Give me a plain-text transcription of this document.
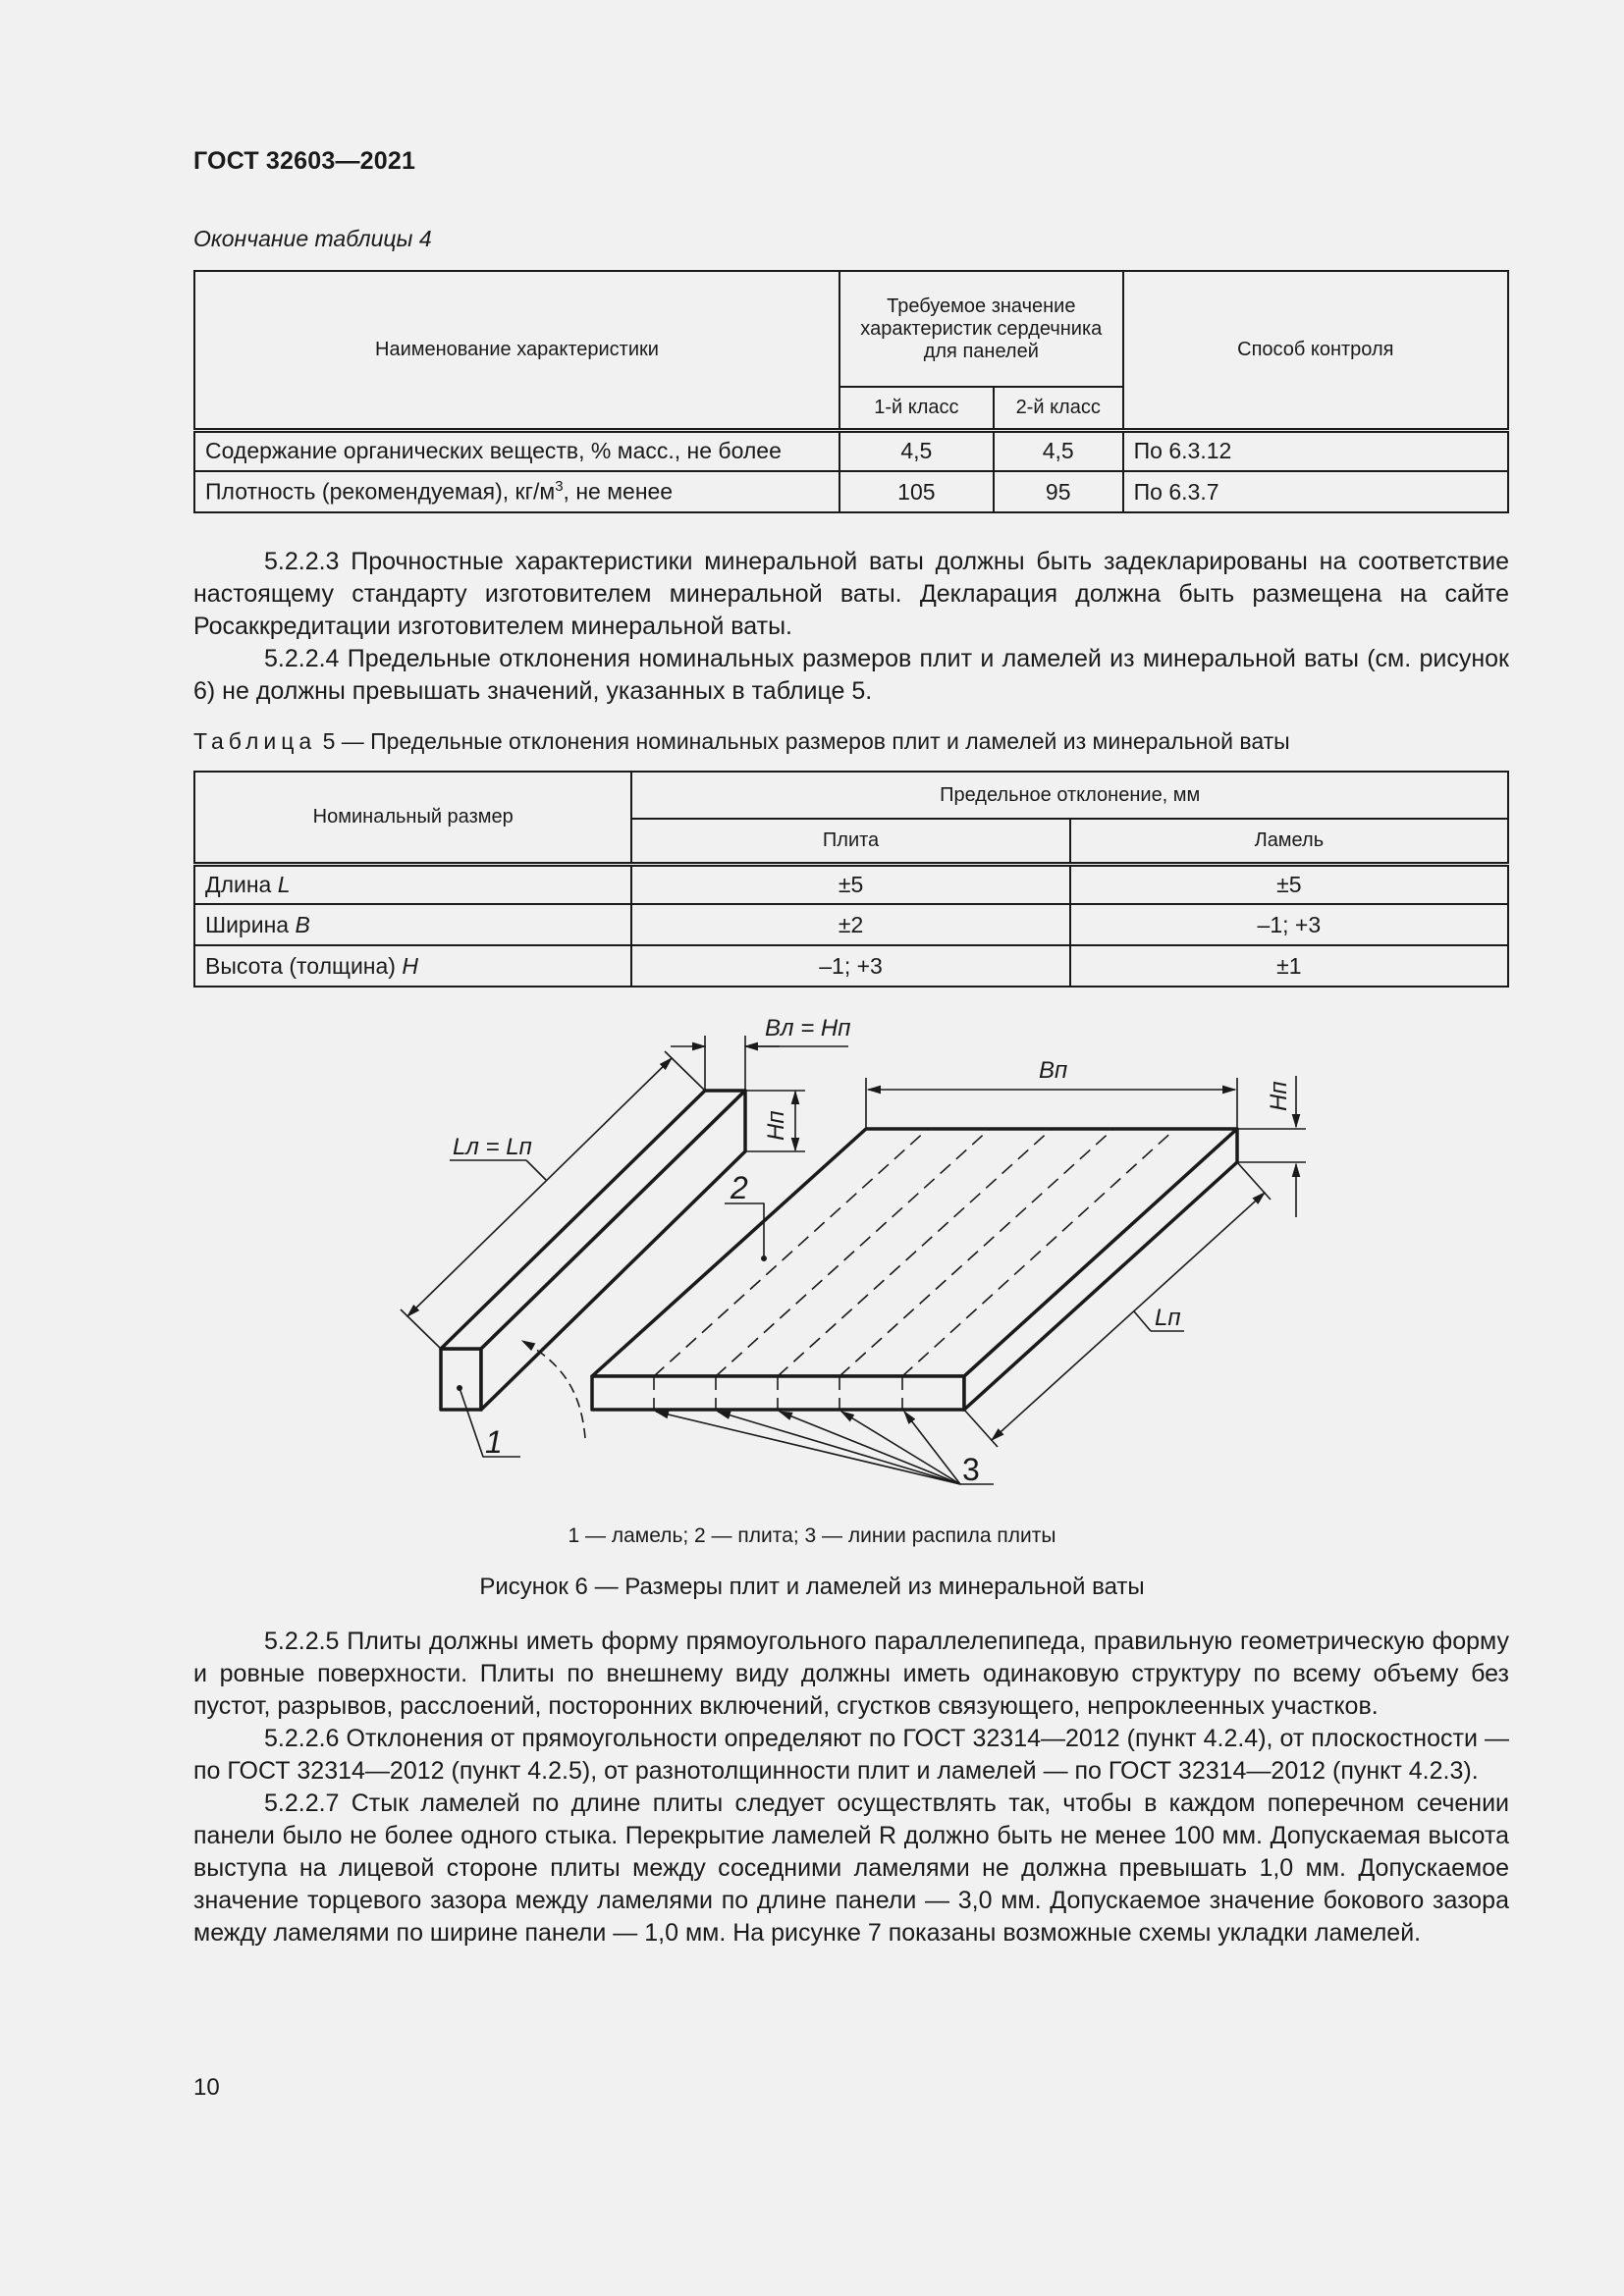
ГОСТ 32603—2021
Окончание таблицы 4
Наименование характеристики	Требуемое значение характеристик сердечника для панелей		Способ контроля
	1-й класс	2-й класс	
Содержание органических веществ, % масс., не более	4,5	4,5	По 6.3.12
Плотность (рекомендуемая), $кг/м^3$, не менее	105	95	По 6.3.7

5.2.2.3 Прочностные характеристики минеральной ваты должны быть задекларированы на соответствие настоящему стандарту изготовителем минеральной ваты. Декларация должна быть размещена на сайте Росаккредитации изготовителем минеральной ваты.

5.2.2.4 Предельные отклонения номинальных размеров плит и ламелей из минеральной ваты (см. рисунок 6) не должны превышать значений, указанных в таблице 5.

Таблица 5 — Предельные отклонения номинальных размеров плит и ламелей из минеральной ваты
Номинальный размер	Предельное отклонение, мм	
	Плита	Ламель
Длина L	±5	±5
Ширина B	±2	–1; +3
Высота (толщина) H	–1; +3	±1
Bл = Hп
Bп
Hп
Hп
Lл = Lп
Lп
1
2
3
1 — ламель; 2 — плита; 3 — линии распила плиты
Рисунок 6 — Размеры плит и ламелей из минеральной ваты

5.2.2.5 Плиты должны иметь форму прямоугольного параллелепипеда, правильную геометрическую форму и ровные поверхности. Плиты по внешнему виду должны иметь одинаковую структуру по всему объему без пустот, разрывов, расслоений, посторонних включений, сгустков связующего, непроклеенных участков.

5.2.2.6 Отклонения от прямоугольности определяют по ГОСТ 32314—2012 (пункт 4.2.4), от плоскостности — по ГОСТ 32314—2012 (пункт 4.2.5), от разнотолщинности плит и ламелей — по ГОСТ 32314—2012 (пункт 4.2.3).

5.2.2.7 Стык ламелей по длине плиты следует осуществлять так, чтобы в каждом поперечном сечении панели было не более одного стыка. Перекрытие ламелей R должно быть не менее 100 мм. Допускаемая высота выступа на лицевой стороне плиты между соседними ламелями не должна превышать 1,0 мм. Допускаемое значение торцевого зазора между ламелями по длине панели — 3,0 мм. Допускаемое значение бокового зазора между ламелями по ширине панели — 1,0 мм. На рисунке 7 показаны возможные схемы укладки ламелей.

10
